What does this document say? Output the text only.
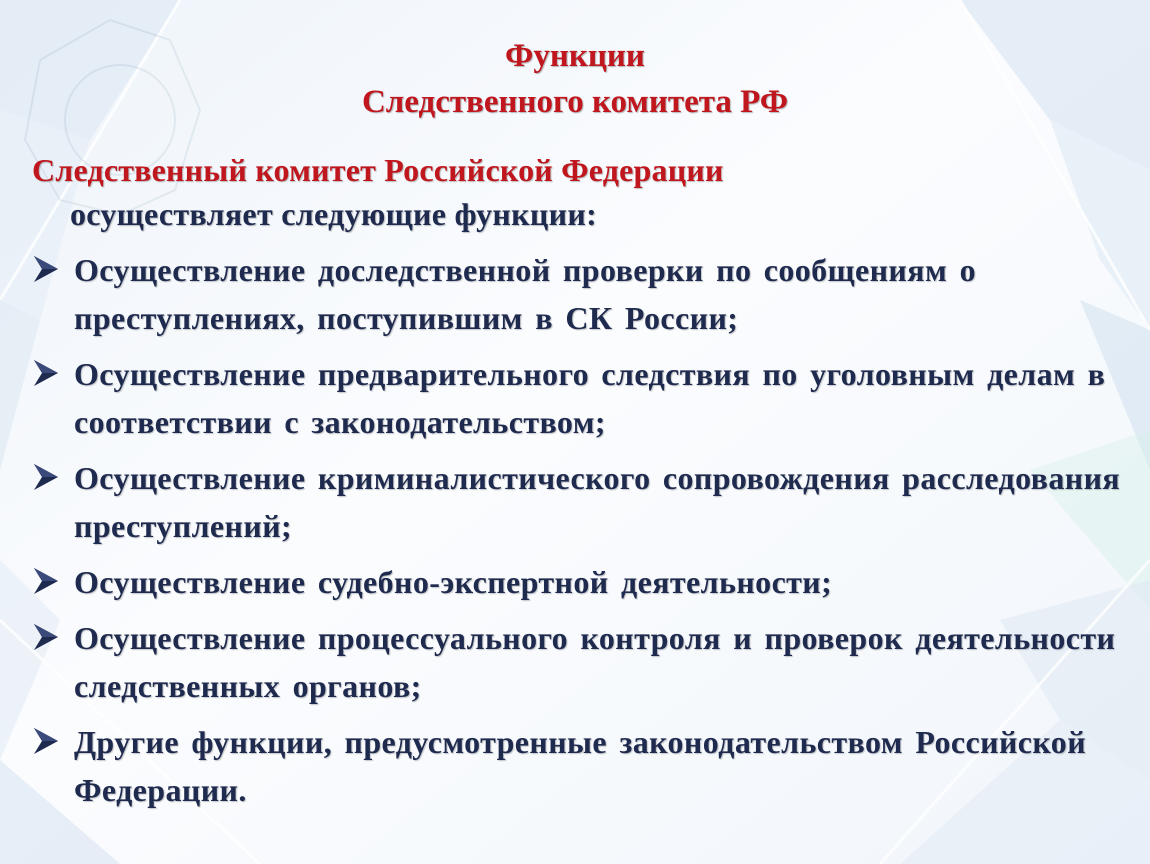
Функции
Следственного комитета РФ

Следственный комитет Российской Федерации
осуществляет следующие функции:

Осуществление доследственной проверки по сообщениям о преступлениях, поступившим в СК России;
Осуществление предварительного следствия по уголовным делам в соответствии с законодательством;
Осуществление криминалистического сопровождения расследования преступлений;
Осуществление судебно-экспертной деятельности;
Осуществление процессуального контроля и проверок деятельности следственных органов;
Другие функции, предусмотренные законодательством Российской Федерации.
